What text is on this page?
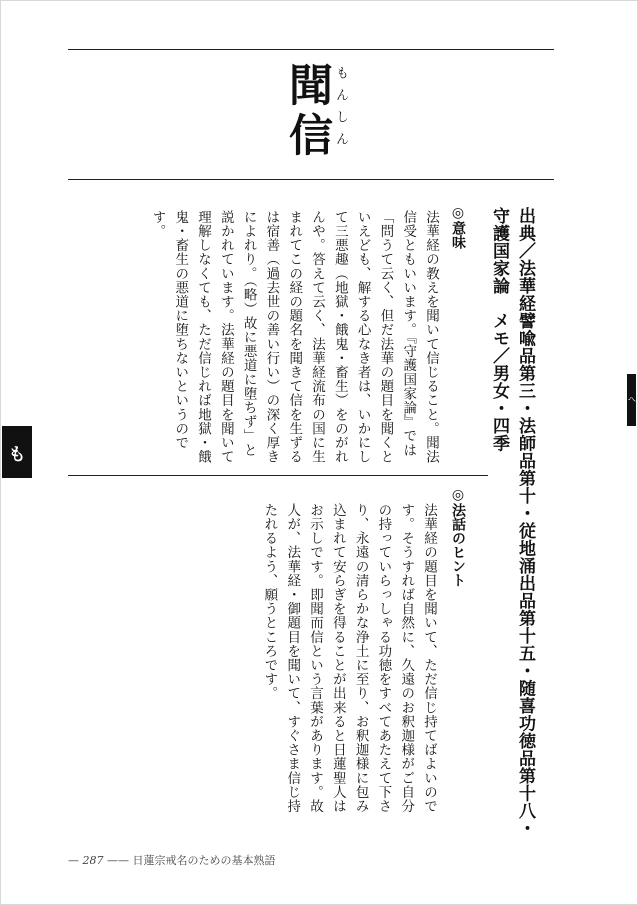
聞信 もんしん
出典／法華経譬喩品第三・法師品第十・従地涌出品第十五・随喜功徳品第十八・守護国家論　メモ／男女・四季
◎意味
法華経の教えを聞いて信じること。聞法信受ともいいます。『守護国家論』では「問うて云く、但だ法華の題目を聞くといえども、解する心なき者は、いかにして三悪趣（地獄・餓鬼・畜生）をのがれんや。答えて云く、法華経流布の国に生まれてこの経の題名を聞きて信を生ずるは宿善（過去世の善い行い）の深く厚きによれり。（略）故に悪道に堕ちず」と説かれています。法華経の題目を聞いて理解しなくても、ただ信じれば地獄・餓鬼・畜生の悪道に堕ちないというのです。
◎法話のヒント
法華経の題目を聞いて、ただ信じ持てばよいのです。そうすれば自然に、久遠のお釈迦様がご自分の持っていらっしゃる功徳をすべてあたえて下さり、永遠の清らかな浄土に至り、お釈迦様に包み込まれて安らぎを得ることが出来ると日蓮聖人はお示しです。即聞而信という言葉があります。故人が、法華経・御題目を聞いて、すぐさま信じ持たれるよう、願うところです。
も
へ
— 287 —— 日蓮宗戒名のための基本熟語
